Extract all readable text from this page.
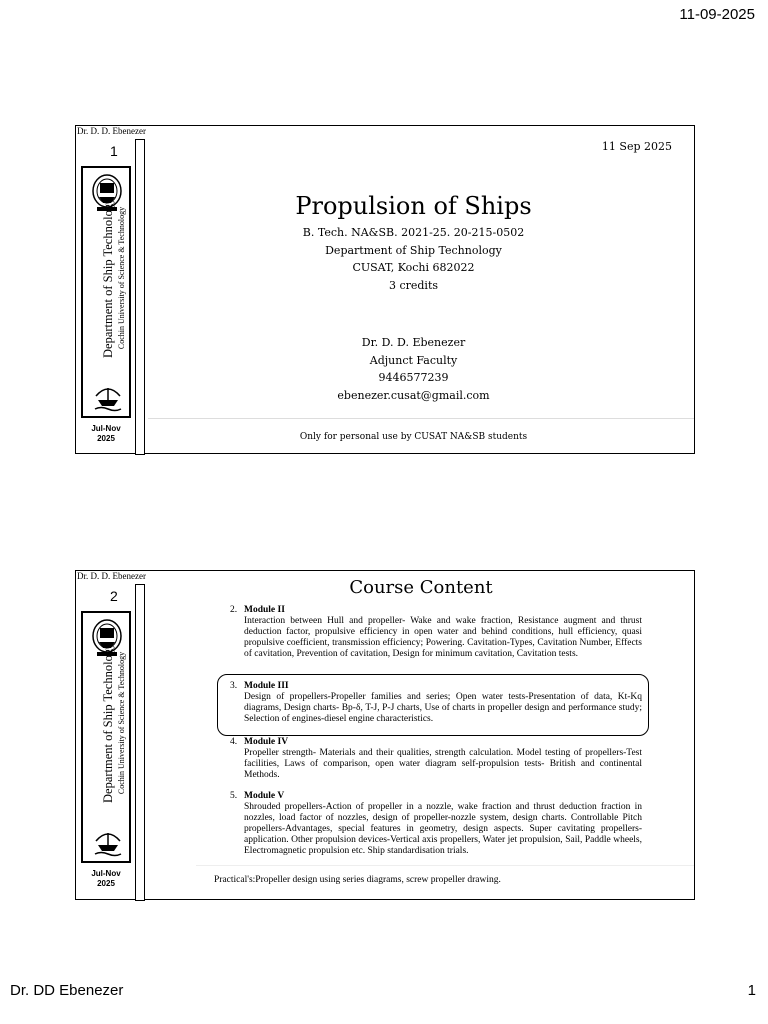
11-09-2025
Dr. D. D. Ebenezer
1
Department of Ship Technology Cochin University of Science & Technology
Jul-Nov
2025
11 Sep 2025
Propulsion of Ships
B. Tech. NA&SB. 2021-25. 20-215-0502
Department of Ship Technology
CUSAT, Kochi 682022
3 credits
Dr. D. D. Ebenezer
Adjunct Faculty
9446577239
ebenezer.cusat@gmail.com
Only for personal use by CUSAT NA&SB students
Dr. D. D. Ebenezer
2
Department of Ship Technology Cochin University of Science & Technology
Jul-Nov
2025
Course Content
2. Module II
Interaction between Hull and propeller- Wake and wake fraction, Resistance augment and thrust deduction factor, propulsive efficiency in open water and behind conditions, hull efficiency, quasi propulsive coefficient, transmission efficiency; Powering. Cavitation-Types, Cavitation Number, Effects of cavitation, Prevention of cavitation, Design for minimum cavitation, Cavitation tests.
3. Module III
Design of propellers-Propeller families and series; Open water tests-Presentation of data, Kt-Kq diagrams, Design charts- Bp-δ, T-J, P-J charts, Use of charts in propeller design and performance study; Selection of engines-diesel engine characteristics.
4. Module IV
Propeller strength- Materials and their qualities, strength calculation. Model testing of propellers-Test facilities, Laws of comparison, open water diagram self-propulsion tests- British and continental Methods.
5. Module V
Shrouded propellers-Action of propeller in a nozzle, wake fraction and thrust deduction fraction in nozzles, load factor of nozzles, design of propeller-nozzle system, design charts. Controllable Pitch propellers-Advantages, special features in geometry, design aspects. Super cavitating propellers-application. Other propulsion devices-Vertical axis propellers, Water jet propulsion, Sail, Paddle wheels, Electromagnetic propulsion etc. Ship standardisation trials.
Practical's:Propeller design using series diagrams, screw propeller drawing.
Dr. DD Ebenezer	1
